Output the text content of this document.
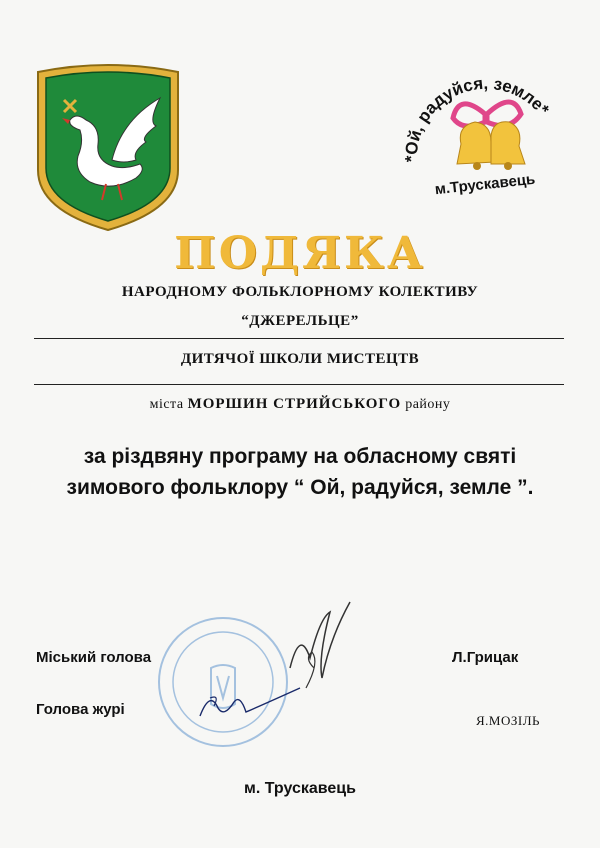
*Ой, радуйся, земле*
м.Трускавець
ПОДЯКА
НАРОДНОМУ ФОЛЬКЛОРНОМУ КОЛЕКТИВУ
“ДЖЕРЕЛЬЦЕ”
ДИТЯЧОЇ ШКОЛИ МИСТЕЦТВ
міста МОРШИН СТРИЙСЬКОГО району
за різдвяну програму на обласному святі
зимового фольклору “ Ой, радуйся, земле ”.
Міський голова	Л.Грицак
Голова журі
Я.МОЗІЛЬ
м. Трускавець
